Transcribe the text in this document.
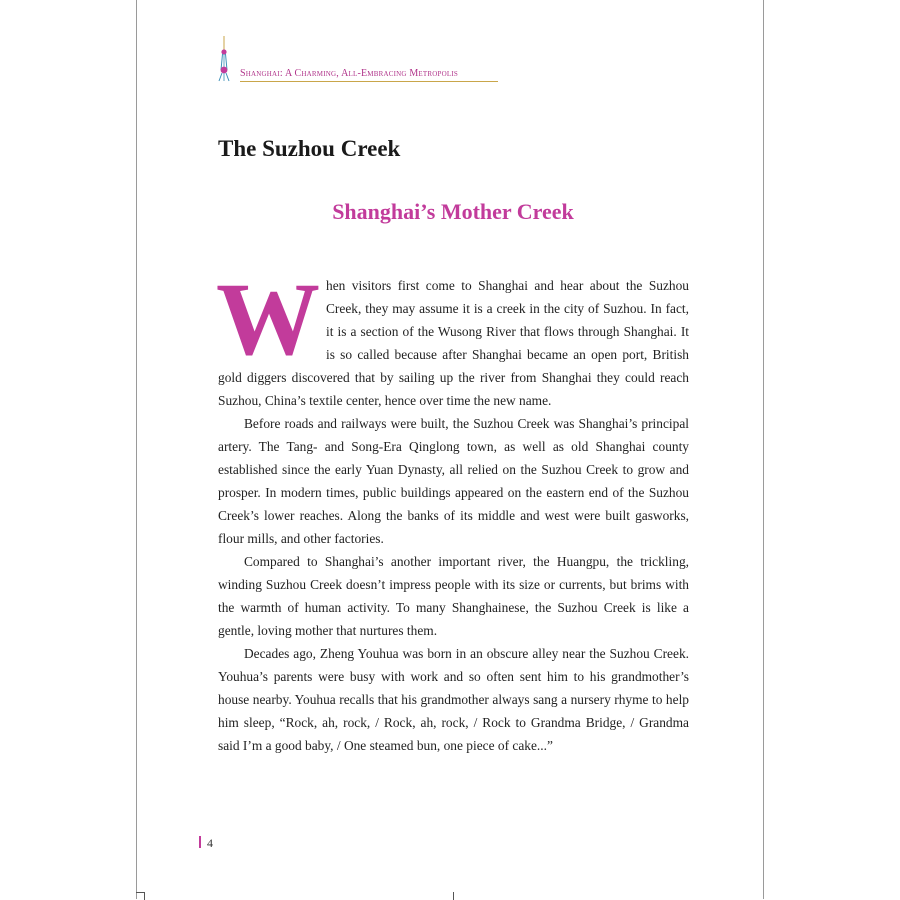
Shanghai: A Charming, All-Embracing Metropolis
The Suzhou Creek
Shanghai’s Mother Creek

When visitors first come to Shanghai and hear about the Suzhou Creek, they may assume it is a creek in the city of Suzhou. In fact, it is a section of the Wusong River that flows through Shanghai. It is so called because after Shanghai became an open port, British gold diggers discovered that by sailing up the river from Shanghai they could reach Suzhou, China’s textile center, hence over time the new name.

Before roads and railways were built, the Suzhou Creek was Shanghai’s principal artery. The Tang- and Song-Era Qinglong town, as well as old Shanghai county established since the early Yuan Dynasty, all relied on the Suzhou Creek to grow and prosper. In modern times, public buildings appeared on the eastern end of the Suzhou Creek’s lower reaches. Along the banks of its middle and west were built gasworks, flour mills, and other factories.

Compared to Shanghai’s another important river, the Huangpu, the trickling, winding Suzhou Creek doesn’t impress people with its size or currents, but brims with the warmth of human activity. To many Shanghainese, the Suzhou Creek is like a gentle, loving mother that nurtures them.

Decades ago, Zheng Youhua was born in an obscure alley near the Suzhou Creek. Youhua’s parents were busy with work and so often sent him to his grandmother’s house nearby. Youhua recalls that his grandmother always sang a nursery rhyme to help him sleep, “Rock, ah, rock, / Rock, ah, rock, / Rock to Grandma Bridge, / Grandma said I’m a good baby, / One steamed bun, one piece of cake...”

4
